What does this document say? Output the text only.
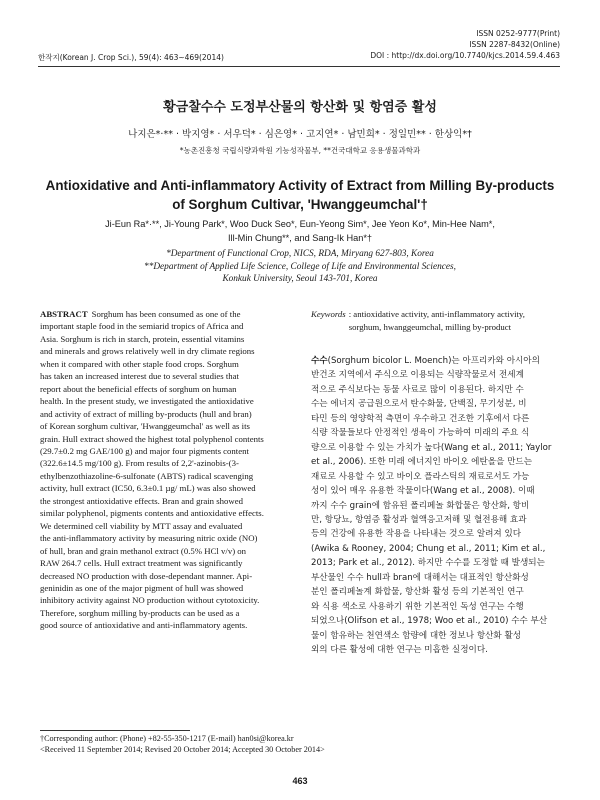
한작지(Korean J. Crop Sci.), 59(4): 463~469(2014)
ISSN 0252-9777(Print)
ISSN 2287-8432(Online)
DOI : http://dx.doi.org/10.7740/kjcs.2014.59.4.463
황금찰수수 도정부산물의 항산화 및 항염증 활성
나지은*·** · 박지영* · 서우덕* · 심은영* · 고지연* · 남민희* · 정일민** · 한상익*†
*농촌진흥청 국립식량과학원 기능성작물부, **건국대학교 응용생물과학과
Antioxidative and Anti-inflammatory Activity of Extract from Milling By-products
of Sorghum Cultivar, 'Hwanggeumchal'†
Ji-Eun Ra*·**, Ji-Young Park*, Woo Duck Seo*, Eun-Yeong Sim*, Jee Yeon Ko*, Min-Hee Nam*,
Ill-Min Chung**, and Sang-Ik Han*†
*Department of Functional Crop, NICS, RDA, Miryang 627-803, Korea
**Department of Applied Life Science, College of Life and Environmental Sciences,
Konkuk University, Seoul 143-701, Korea
ABSTRACT Sorghum has been consumed as one of the
important staple food in the semiarid tropics of Africa and
Asia. Sorghum is rich in starch, protein, essential vitamins
and minerals and grows relatively well in dry climate regions
when it compared with other staple food crops. Sorghum
has taken an increased interest due to several studies that
report about the beneficial effects of sorghum on human
health. In the present study, we investigated the antioxidative
and activity of extract of milling by-products (hull and bran)
of Korean sorghum cultivar, 'Hwanggeumchal' as well as its
grain. Hull extract showed the highest total polyphenol contents
(29.7±0.2 mg GAE/100 g) and major four pigments content
(322.6±14.5 mg/100 g). From results of 2,2'-azinobis-(3-
ethylbenzothiazoline-6-sulfonate (ABTS) radical scavenging
activity, hull extract (IC50, 6.3±0.1 µg/ mL) was also showed
the strongest antioxidative effects. Bran and grain showed
similar polyphenol, pigments contents and antioxidative effects.
We determined cell viability by MTT assay and evaluated
the anti-inflammatory activity by measuring nitric oxide (NO)
of hull, bran and grain methanol extract (0.5% HCl v/v) on
RAW 264.7 cells. Hull extract treatment was significantly
decreased NO production with dose-dependant manner. Api-
geninidin as one of the major pigment of hull was showed
inhibitory activity against NO production without cytotoxicity.
Therefore, sorghum milling by-products can be used as a
good source of antioxidative and anti-inflammatory agents.
Keywords : antioxidative activity, anti-inflammatory activity,
sorghum, hwanggeumchal, milling by-product
수수(Sorghum bicolor L. Moench)는 아프리카와 아시아의
반건조 지역에서 주식으로 이용되는 식량작물로서 전세계
적으로 주식보다는 동물 사료로 많이 이용된다. 하지만 수
수는 에너지 공급원으로서 탄수화물, 단백질, 무기성분, 비
타민 등의 영양학적 측면이 우수하고 건조한 기후에서 다른
식량 작물들보다 안정적인 생육이 가능하여 미래의 주요 식
량으로 이용할 수 있는 가치가 높다(Wang et al., 2011; Yaylor
et al., 2006). 또한 미래 에너지인 바이오 에탄올을 만드는
재료로 사용할 수 있고 바이오 플라스틱의 재료로서도 가능
성이 있어 매우 유용한 작물이다(Wang et al., 2008). 이때
까지 수수 grain에 함유된 폴리페놀 화합물은 항산화, 항비
만, 항당뇨, 항염증 활성과 혈액응고저해 및 혈전용해 효과
등의 건강에 유용한 작용을 나타내는 것으로 알려져 있다
(Awika & Rooney, 2004; Chung et al., 2011; Kim et al.,
2013; Park et al., 2012). 하지만 수수를 도정할 때 발생되는
부산물인 수수 hull과 bran에 대해서는 대표적인 항산화성
분인 폴리페놀계 화합물, 항산화 활성 등의 기본적인 연구
와 식용 색소로 사용하기 위한 기본적인 독성 연구는 수행
되었으나(Olifson et al., 1978; Woo et al., 2010) 수수 부산
물이 함유하는 천연색소 함량에 대한 정보나 항산화 활성
외의 다른 활성에 대한 연구는 미흡한 실정이다.
†Corresponding author: (Phone) +82-55-350-1217 (E-mail) han0si@korea.kr
<Received 11 September 2014; Revised 20 October 2014; Accepted 30 October 2014>
463
